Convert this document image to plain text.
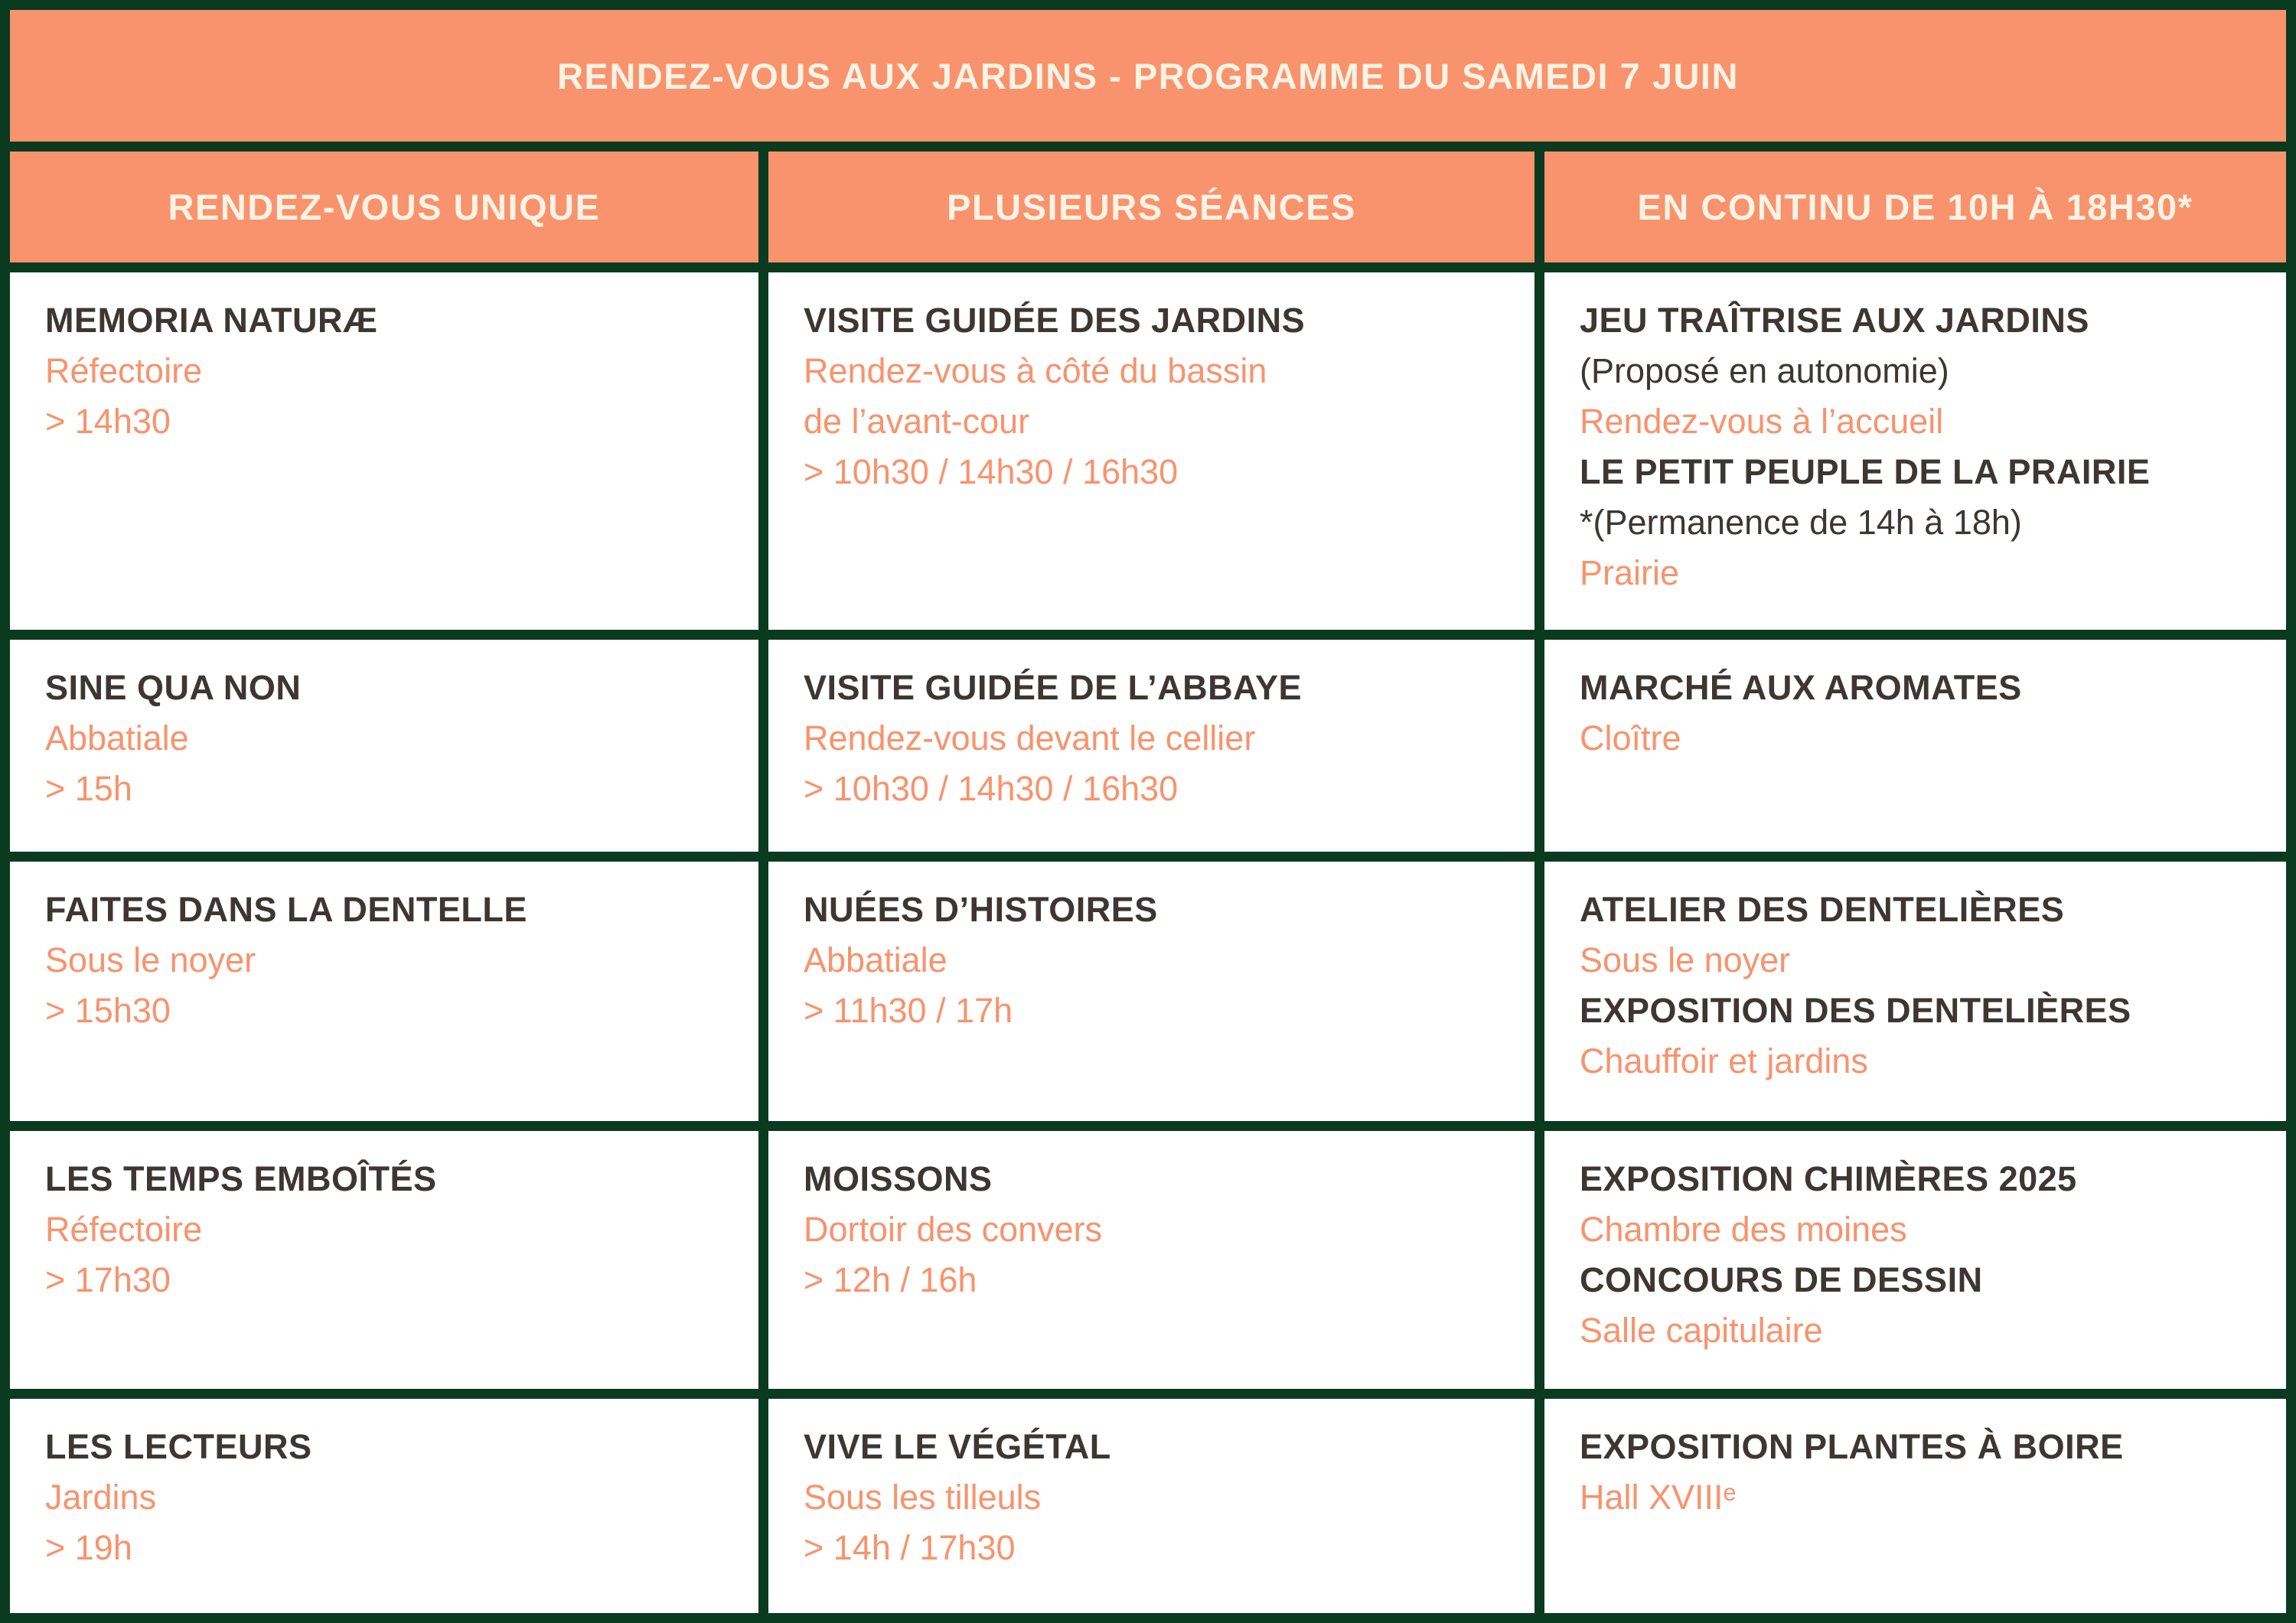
RENDEZ-VOUS AUX JARDINS - PROGRAMME DU SAMEDI 7 JUIN
RENDEZ-VOUS UNIQUE	PLUSIEURS SÉANCES	EN CONTINU DE 10H À 18H30*
MEMORIA NATURÆ
Réfectoire
> 14h30
VISITE GUIDÉE DES JARDINS
Rendez-vous à côté du bassin
de l’avant-cour
> 10h30 / 14h30 / 16h30
JEU TRAÎTRISE AUX JARDINS
(Proposé en autonomie)
Rendez-vous à l’accueil
LE PETIT PEUPLE DE LA PRAIRIE
*(Permanence de 14h à 18h)
Prairie
SINE QUA NON
Abbatiale
> 15h
VISITE GUIDÉE DE L’ABBAYE
Rendez-vous devant le cellier
> 10h30 / 14h30 / 16h30
MARCHÉ AUX AROMATES
Cloître
FAITES DANS LA DENTELLE
Sous le noyer
> 15h30
NUÉES D’HISTOIRES
Abbatiale
> 11h30 / 17h
ATELIER DES DENTELIÈRES
Sous le noyer
EXPOSITION DES DENTELIÈRES
Chauffoir et jardins
LES TEMPS EMBOÎTÉS
Réfectoire
> 17h30
MOISSONS
Dortoir des convers
> 12h / 16h
EXPOSITION CHIMÈRES 2025
Chambre des moines
CONCOURS DE DESSIN
Salle capitulaire
LES LECTEURS
Jardins
> 19h
VIVE LE VÉGÉTAL
Sous les tilleuls
> 14h / 17h30
EXPOSITION PLANTES À BOIRE
Hall XVIIIᵉ
